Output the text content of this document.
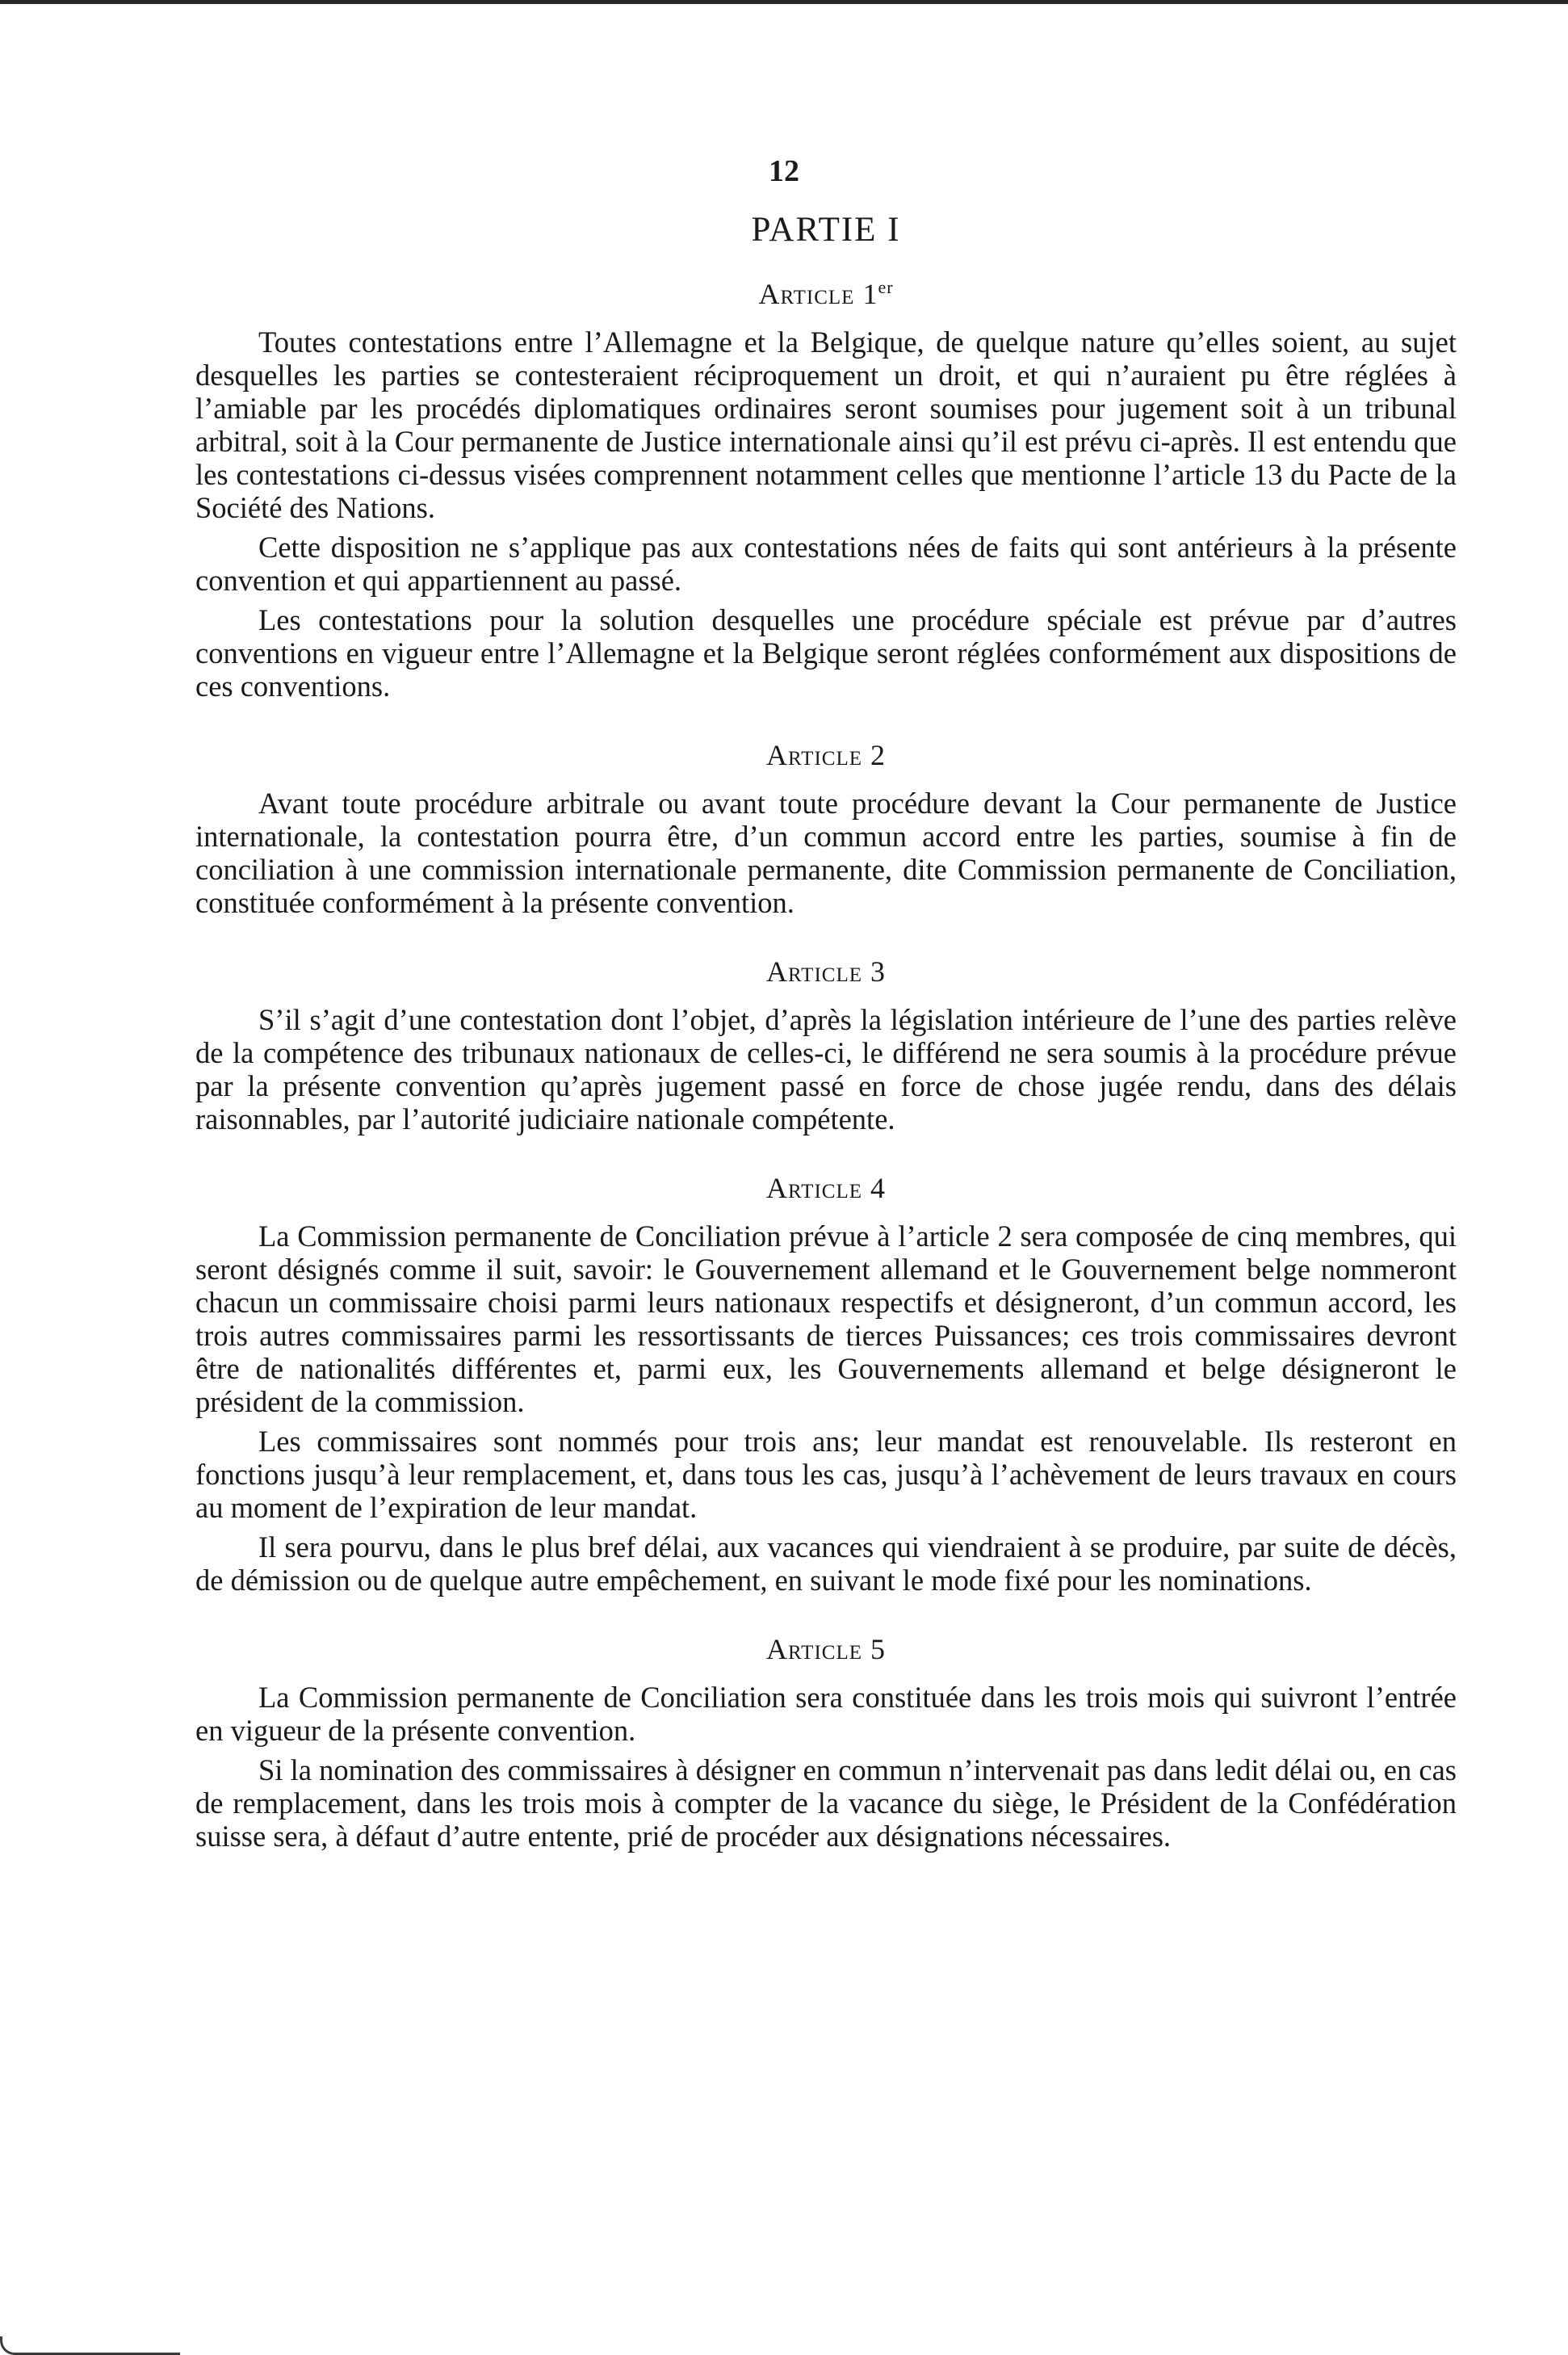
12
PARTIE I
Article 1er

Toutes contestations entre l’Allemagne et la Belgique, de quelque nature qu’elles soient, au sujet desquelles les parties se contesteraient réciproquement un droit, et qui n’auraient pu être réglées à l’amiable par les procédés diplomatiques ordinaires seront soumises pour jugement soit à un tribunal arbitral, soit à la Cour permanente de Justice internationale ainsi qu’il est prévu ci-après. Il est entendu que les contestations ci-dessus visées comprennent notamment celles que mentionne l’article 13 du Pacte de la Société des Nations.

Cette disposition ne s’applique pas aux contestations nées de faits qui sont antérieurs à la présente convention et qui appartiennent au passé.

Les contestations pour la solution desquelles une procédure spéciale est prévue par d’autres conventions en vigueur entre l’Allemagne et la Belgique seront réglées conformément aux dispositions de ces conventions.

Article 2

Avant toute procédure arbitrale ou avant toute procédure devant la Cour permanente de Justice internationale, la contestation pourra être, d’un commun accord entre les parties, soumise à fin de conciliation à une commission internationale permanente, dite Commission permanente de Conciliation, constituée conformément à la présente convention.

Article 3

S’il s’agit d’une contestation dont l’objet, d’après la législation intérieure de l’une des parties relève de la compétence des tribunaux nationaux de celles-ci, le différend ne sera soumis à la procédure prévue par la présente convention qu’après jugement passé en force de chose jugée rendu, dans des délais raisonnables, par l’autorité judiciaire nationale compétente.

Article 4

La Commission permanente de Conciliation prévue à l’article 2 sera composée de cinq membres, qui seront désignés comme il suit, savoir: le Gouvernement allemand et le Gouvernement belge nommeront chacun un commissaire choisi parmi leurs nationaux respectifs et désigneront, d’un commun accord, les trois autres commissaires parmi les ressortissants de tierces Puissances; ces trois commissaires devront être de nationalités différentes et, parmi eux, les Gouvernements allemand et belge désigneront le président de la commission.

Les commissaires sont nommés pour trois ans; leur mandat est renouvelable. Ils resteront en fonctions jusqu’à leur remplacement, et, dans tous les cas, jusqu’à l’achèvement de leurs travaux en cours au moment de l’expiration de leur mandat.

Il sera pourvu, dans le plus bref délai, aux vacances qui viendraient à se produire, par suite de décès, de démission ou de quelque autre empêchement, en suivant le mode fixé pour les nominations.

Article 5

La Commission permanente de Conciliation sera constituée dans les trois mois qui suivront l’entrée en vigueur de la présente convention.

Si la nomination des commissaires à désigner en commun n’intervenait pas dans ledit délai ou, en cas de remplacement, dans les trois mois à compter de la vacance du siège, le Président de la Confédération suisse sera, à défaut d’autre entente, prié de procéder aux désignations nécessaires.
